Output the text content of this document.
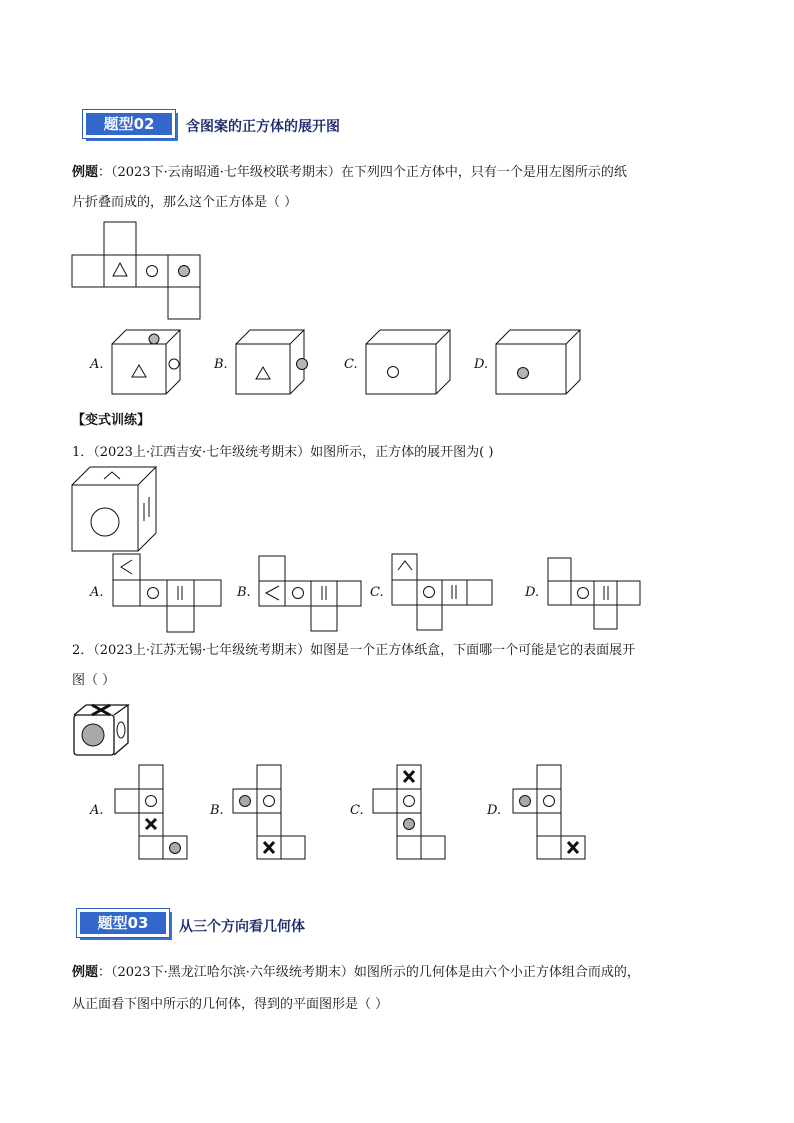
题型02	含图案的正方体的展开图
例题：（2023下·云南昭通·七年级校联考期末）在下列四个正方体中，只有一个是用左图所示的纸
片折叠而成的，那么这个正方体是（ ）
A.	B.	C.	D.
【变式训练】
1．（2023上·江西吉安·七年级统考期末）如图所示，正方体的展开图为( )
A.	B.	C.	D.
2．（2023上·江苏无锡·七年级统考期末）如图是一个正方体纸盒，下面哪一个可能是它的表面展开
图（ ）
A.	B.	C.	D.
题型03	从三个方向看几何体
例题：（2023下·黑龙江哈尔滨·六年级统考期末）如图所示的几何体是由六个小正方体组合而成的，
从正面看下图中所示的几何体，得到的平面图形是（ ）
